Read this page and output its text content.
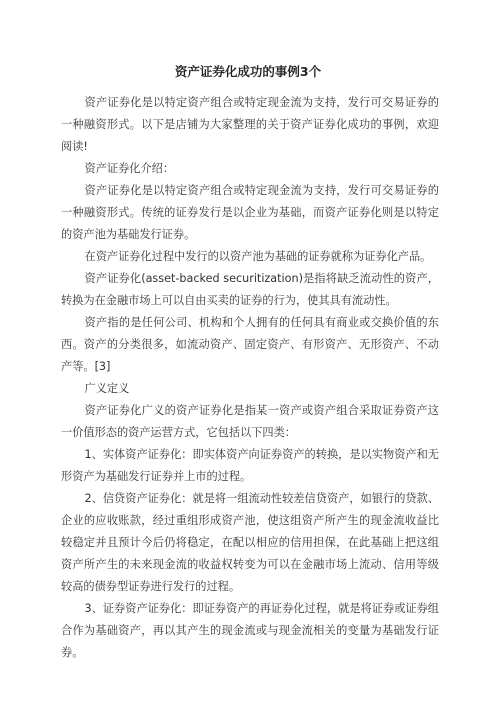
资产证券化成功的事例3个

资产证券化是以特定资产组合或特定现金流为支持，发行可交易证券的一种融资形式。以下是店铺为大家整理的关于资产证券化成功的事例，欢迎阅读!

资产证券化介绍：

资产证券化是以特定资产组合或特定现金流为支持，发行可交易证券的一种融资形式。传统的证券发行是以企业为基础，而资产证券化则是以特定的资产池为基础发行证券。

在资产证券化过程中发行的以资产池为基础的证券就称为证券化产品。

资产证券化(asset-backed securitization)是指将缺乏流动性的资产，转换为在金融市场上可以自由买卖的证券的行为，使其具有流动性。

资产指的是任何公司、机构和个人拥有的任何具有商业或交换价值的东西。资产的分类很多，如流动资产、固定资产、有形资产、无形资产、不动产等。[3]

广义定义

资产证券化广义的资产证券化是指某一资产或资产组合采取证券资产这一价值形态的资产运营方式，它包括以下四类：

1、实体资产证券化：即实体资产向证券资产的转换，是以实物资产和无形资产为基础发行证券并上市的过程。

2、信贷资产证券化：就是将一组流动性较差信贷资产，如银行的贷款、企业的应收账款，经过重组形成资产池，使这组资产所产生的现金流收益比较稳定并且预计今后仍将稳定，在配以相应的信用担保，在此基础上把这组资产所产生的未来现金流的收益权转变为可以在金融市场上流动、信用等级较高的债券型证券进行发行的过程。

3、证券资产证券化：即证券资产的再证券化过程，就是将证券或证券组合作为基础资产，再以其产生的现金流或与现金流相关的变量为基础发行证券。
